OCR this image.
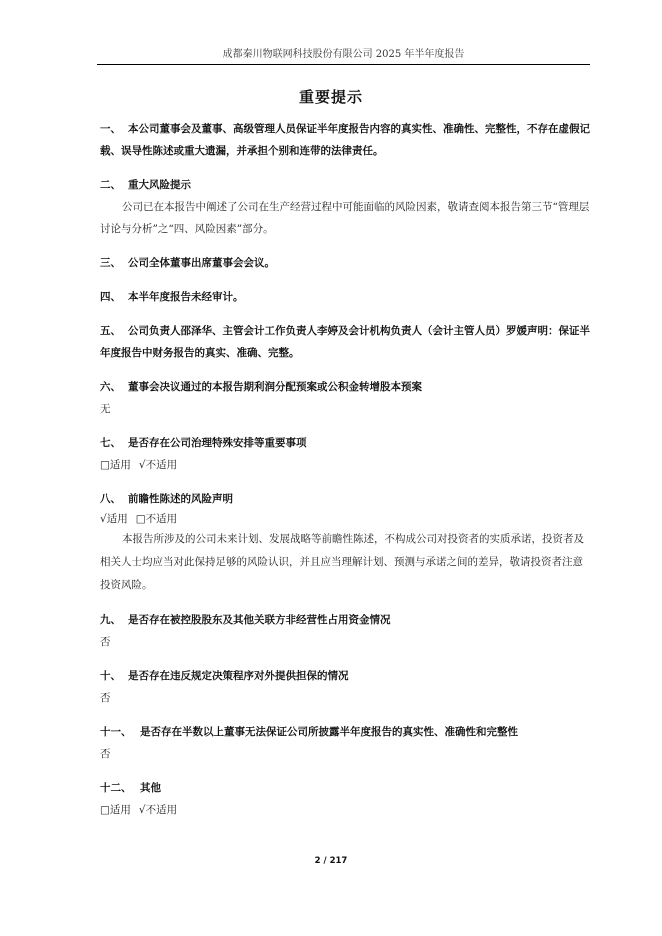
成都秦川物联网科技股份有限公司 2025 年半年度报告
重要提示
一、 本公司董事会及董事、高级管理人员保证半年度报告内容的真实性、准确性、完整性，不存在虚假记载、误导性陈述或重大遗漏，并承担个别和连带的法律责任。
二、 重大风险提示
公司已在本报告中阐述了公司在生产经营过程中可能面临的风险因素，敬请查阅本报告第三节“管理层讨论与分析”之“四、风险因素”部分。
三、 公司全体董事出席董事会会议。
四、 本半年度报告未经审计。
五、 公司负责人邵泽华、主管会计工作负责人李婷及会计机构负责人（会计主管人员）罗媛声明：保证半年度报告中财务报告的真实、准确、完整。
六、 董事会决议通过的本报告期利润分配预案或公积金转增股本预案
无
七、 是否存在公司治理特殊安排等重要事项
□适用 √不适用
八、 前瞻性陈述的风险声明
√适用 □不适用
本报告所涉及的公司未来计划、发展战略等前瞻性陈述，不构成公司对投资者的实质承诺，投资者及相关人士均应当对此保持足够的风险认识，并且应当理解计划、预测与承诺之间的差异，敬请投资者注意投资风险。
九、 是否存在被控股股东及其他关联方非经营性占用资金情况
否
十、 是否存在违反规定决策程序对外提供担保的情况
否
十一、 是否存在半数以上董事无法保证公司所披露半年度报告的真实性、准确性和完整性
否
十二、 其他
□适用 √不适用
2 / 217
